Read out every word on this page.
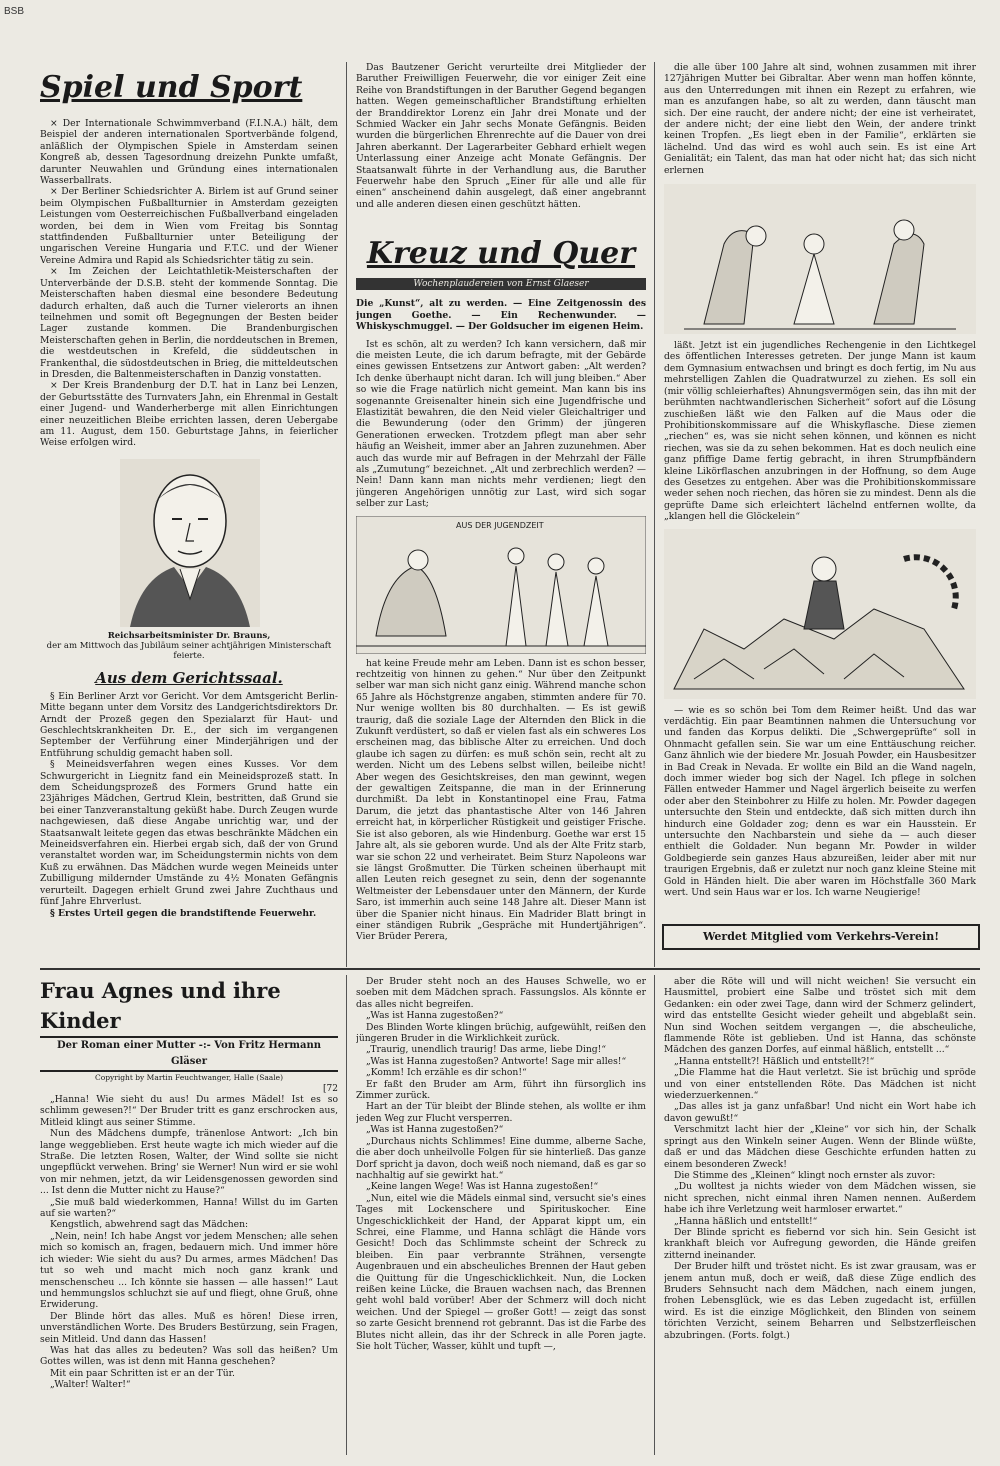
BSB
Spiel und Sport

× Der Internationale Schwimmverband (F.I.N.A.) hält, dem Beispiel der anderen internationalen Sportverbände folgend, anläßlich der Olympischen Spiele in Amsterdam seinen Kongreß ab, dessen Tagesordnung dreizehn Punkte umfaßt, darunter Neuwahlen und Gründung eines internationalen Wasserballrats.

× Der Berliner Schiedsrichter A. Birlem ist auf Grund seiner beim Olympischen Fußballturnier in Amsterdam gezeigten Leistungen vom Oesterreichischen Fußballverband eingeladen worden, bei dem in Wien vom Freitag bis Sonntag stattfindenden Fußballturnier unter Beteiligung der ungarischen Vereine Hungaria und F.T.C. und der Wiener Vereine Admira und Rapid als Schiedsrichter tätig zu sein.

× Im Zeichen der Leichtathletik-Meisterschaften der Unterverbände der D.S.B. steht der kommende Sonntag. Die Meisterschaften haben diesmal eine besondere Bedeutung dadurch erhalten, daß auch die Turner vielerorts an ihnen teilnehmen und somit oft Begegnungen der Besten beider Lager zustande kommen. Die Brandenburgischen Meisterschaften gehen in Berlin, die norddeutschen in Bremen, die westdeutschen in Krefeld, die süddeutschen in Frankenthal, die südostdeutschen in Brieg, die mitteldeutschen in Dresden, die Baltenmeisterschaften in Danzig vonstatten.

× Der Kreis Brandenburg der D.T. hat in Lanz bei Lenzen, der Geburtsstätte des Turnvaters Jahn, ein Ehrenmal in Gestalt einer Jugend- und Wanderherberge mit allen Einrichtungen einer neuzeitlichen Bleibe errichten lassen, deren Uebergabe am 11. August, dem 150. Geburtstage Jahns, in feierlicher Weise erfolgen wird.

Reichsarbeitsminister Dr. Brauns,
der am Mittwoch das Jubiläum seiner achtjährigen Ministerschaft feierte.
Aus dem Gerichtssaal.

§ Ein Berliner Arzt vor Gericht. Vor dem Amtsgericht Berlin-Mitte begann unter dem Vorsitz des Landgerichtsdirektors Dr. Arndt der Prozeß gegen den Spezialarzt für Haut- und Geschlechtskrankheiten Dr. E., der sich im vergangenen September der Verführung einer Minderjährigen und der Entführung schuldig gemacht haben soll.

§ Meineidsverfahren wegen eines Kusses. Vor dem Schwurgericht in Liegnitz fand ein Meineidsprozeß statt. In dem Scheidungsprozeß des Formers Grund hatte ein 23jähriges Mädchen, Gertrud Klein, bestritten, daß Grund sie bei einer Tanzveranstaltung geküßt habe. Durch Zeugen wurde nachgewiesen, daß diese Angabe unrichtig war, und der Staatsanwalt leitete gegen das etwas beschränkte Mädchen ein Meineidsverfahren ein. Hierbei ergab sich, daß der von Grund veranstaltet worden war, im Scheidungstermin nichts von dem Kuß zu erwähnen. Das Mädchen wurde wegen Meineids unter Zubilligung mildernder Umstände zu 4½ Monaten Gefängnis verurteilt. Dagegen erhielt Grund zwei Jahre Zuchthaus und fünf Jahre Ehrverlust.

§ Erstes Urteil gegen die brandstiftende Feuerwehr.

Das Bautzener Gericht verurteilte drei Mitglieder der Baruther Freiwilligen Feuerwehr, die vor einiger Zeit eine Reihe von Brandstiftungen in der Baruther Gegend begangen hatten. Wegen gemeinschaftlicher Brandstiftung erhielten der Branddirektor Lorenz ein Jahr drei Monate und der Schmied Wacker ein Jahr sechs Monate Gefängnis. Beiden wurden die bürgerlichen Ehrenrechte auf die Dauer von drei Jahren aberkannt. Der Lagerarbeiter Gebhard erhielt wegen Unterlassung einer Anzeige acht Monate Gefängnis. Der Staatsanwalt führte in der Verhandlung aus, die Baruther Feuerwehr habe den Spruch „Einer für alle und alle für einen“ anscheinend dahin ausgelegt, daß einer angebrannt und alle anderen diesen einen geschützt hätten.

Kreuz und Quer
Wochenplaudereien von Ernst Glaeser
Die „Kunst“, alt zu werden. — Eine Zeitgenossin des jungen Goethe. — Ein Rechenwunder. — Whiskyschmuggel. — Der Goldsucher im eigenen Heim.

Ist es schön, alt zu werden? Ich kann versichern, daß mir die meisten Leute, die ich darum befragte, mit der Gebärde eines gewissen Entsetzens zur Antwort gaben: „Alt werden? Ich denke überhaupt nicht daran. Ich will jung bleiben.“ Aber so wie die Frage natürlich nicht gemeint. Man kann bis ins sogenannte Greisenalter hinein sich eine Jugendfrische und Elastizität bewahren, die den Neid vieler Gleichaltriger und die Bewunderung (oder den Grimm) der jüngeren Generationen erwecken. Trotzdem pflegt man aber sehr häufig an Weisheit, immer aber an Jahren zuzunehmen. Aber auch das wurde mir auf Befragen in der Mehrzahl der Fälle als „Zumutung“ bezeichnet. „Alt und zerbrechlich werden? — Nein! Dann kann man nichts mehr verdienen; liegt den jüngeren Angehörigen unnötig zur Last, wird sich sogar selber zur Last;

AUS DER JUGENDZEIT

hat keine Freude mehr am Leben. Dann ist es schon besser, rechtzeitig von hinnen zu gehen.“ Nur über den Zeitpunkt selber war man sich nicht ganz einig. Während manche schon 65 Jahre als Höchstgrenze angaben, stimmten andere für 70. Nur wenige wollten bis 80 durchhalten. — Es ist gewiß traurig, daß die soziale Lage der Alternden den Blick in die Zukunft verdüstert, so daß er vielen fast als ein schweres Los erscheinen mag, das biblische Alter zu erreichen. Und doch glaube ich sagen zu dürfen: es muß schön sein, recht alt zu werden. Nicht um des Lebens selbst willen, beileibe nicht! Aber wegen des Gesichtskreises, den man gewinnt, wegen der gewaltigen Zeitspanne, die man in der Erinnerung durchmißt. Da lebt in Konstantinopel eine Frau, Fatma Darum, die jetzt das phantastische Alter von 146 Jahren erreicht hat, in körperlicher Rüstigkeit und geistiger Frische. Sie ist also geboren, als wie Hindenburg. Goethe war erst 15 Jahre alt, als sie geboren wurde. Und als der Alte Fritz starb, war sie schon 22 und verheiratet. Beim Sturz Napoleons war sie längst Großmutter. Die Türken scheinen überhaupt mit allen Leuten reich gesegnet zu sein, denn der sogenannte Weltmeister der Lebensdauer unter den Männern, der Kurde Saro, ist immerhin auch seine 148 Jahre alt. Dieser Mann ist über die Spanier nicht hinaus. Ein Madrider Blatt bringt in einer ständigen Rubrik „Gespräche mit Hundertjährigen“. Vier Brüder Perera,

die alle über 100 Jahre alt sind, wohnen zusammen mit ihrer 127jährigen Mutter bei Gibraltar. Aber wenn man hoffen könnte, aus den Unterredungen mit ihnen ein Rezept zu erfahren, wie man es anzufangen habe, so alt zu werden, dann täuscht man sich. Der eine raucht, der andere nicht; der eine ist verheiratet, der andere nicht; der eine liebt den Wein, der andere trinkt keinen Tropfen. „Es liegt eben in der Familie“, erklärten sie lächelnd. Und das wird es wohl auch sein. Es ist eine Art Genialität; ein Talent, das man hat oder nicht hat; das sich nicht erlernen

läßt. Jetzt ist ein jugendliches Rechengenie in den Lichtkegel des öffentlichen Interesses getreten. Der junge Mann ist kaum dem Gymnasium entwachsen und bringt es doch fertig, im Nu aus mehrstelligen Zahlen die Quadratwurzel zu ziehen. Es soll ein (mir völlig schleierhaftes) Ahnungsvermögen sein, das ihn mit der berühmten nachtwandlerischen Sicherheit“ sofort auf die Lösung zuschießen läßt wie den Falken auf die Maus oder die Prohibitionskommissare auf die Whiskyflasche. Diese ziemen „riechen“ es, was sie nicht sehen können, und können es nicht riechen, was sie da zu sehen bekommen. Hat es doch neulich eine ganz pfiffige Dame fertig gebracht, in ihren Strumpfbändern kleine Likörflaschen anzubringen in der Hoffnung, so dem Auge des Gesetzes zu entgehen. Aber was die Prohibitionskommissare weder sehen noch riechen, das hören sie zu mindest. Denn als die geprüfte Dame sich erleichtert lächelnd entfernen wollte, da „klangen hell die Glöckelein“

— wie es so schön bei Tom dem Reimer heißt. Und das war verdächtig. Ein paar Beamtinnen nahmen die Untersuchung vor und fanden das Korpus delikti. Die „Schwergeprüfte“ soll in Ohnmacht gefallen sein. Sie war um eine Enttäuschung reicher. Ganz ähnlich wie der biedere Mr. Josuah Powder, ein Hausbesitzer in Bad Creak in Nevada. Er wollte ein Bild an die Wand nageln, doch immer wieder bog sich der Nagel. Ich pflege in solchen Fällen entweder Hammer und Nagel ärgerlich beiseite zu werfen oder aber den Steinbohrer zu Hilfe zu holen. Mr. Powder dagegen untersuchte den Stein und entdeckte, daß sich mitten durch ihn hindurch eine Goldader zog; denn es war ein Hausstein. Er untersuchte den Nachbarstein und siehe da — auch dieser enthielt die Goldader. Nun begann Mr. Powder in wilder Goldbegierde sein ganzes Haus abzureißen, leider aber mit nur traurigen Ergebnis, daß er zuletzt nur noch ganz kleine Steine mit Gold in Händen hielt. Die aber waren im Höchstfalle 360 Mark wert. Und sein Haus war er los. Ich warne Neugierige!

Werdet Mitglied vom Verkehrs-Verein!
Frau Agnes und ihre Kinder
Der Roman einer Mutter -:- Von Fritz Hermann Gläser
Copyright by Martin Feuchtwanger, Halle (Saale)
[72

„Hanna! Wie sieht du aus! Du armes Mädel! Ist es so schlimm gewesen?!“ Der Bruder tritt es ganz erschrocken aus, Mitleid klingt aus seiner Stimme.

Nun des Mädchens dumpfe, tränenlose Antwort: „Ich bin lange weggeblieben. Erst heute wagte ich mich wieder auf die Straße. Die letzten Rosen, Walter, der Wind sollte sie nicht ungepflückt verwehen. Bring' sie Werner! Nun wird er sie wohl von mir nehmen, jetzt, da wir Leidensgenossen geworden sind ... Ist denn die Mutter nicht zu Hause?“

„Sie muß bald wiederkommen, Hanna! Willst du im Garten auf sie warten?“

Kengstlich, abwehrend sagt das Mädchen:

„Nein, nein! Ich habe Angst vor jedem Menschen; alle sehen mich so komisch an, fragen, bedauern mich. Und immer höre ich wieder: Wie sieht du aus? Du armes, armes Mädchen! Das tut so weh und macht mich noch ganz krank und menschenscheu ... Ich könnte sie hassen — alle hassen!“ Laut und hemmungslos schluchzt sie auf und fliegt, ohne Gruß, ohne Erwiderung.

Der Blinde hört das alles. Muß es hören! Diese irren, unverständlichen Worte. Des Bruders Bestürzung, sein Fragen, sein Mitleid. Und dann das Hassen!

Was hat das alles zu bedeuten? Was soll das heißen? Um Gottes willen, was ist denn mit Hanna geschehen?

Mit ein paar Schritten ist er an der Tür.

„Walter! Walter!“

Der Bruder steht noch an des Hauses Schwelle, wo er soeben mit dem Mädchen sprach. Fassungslos. Als könnte er das alles nicht begreifen.

„Was ist Hanna zugestoßen?“

Des Blinden Worte klingen brüchig, aufgewühlt, reißen den jüngeren Bruder in die Wirklichkeit zurück.

„Traurig, unendlich traurig! Das arme, liebe Ding!“

„Was ist Hanna zugestoßen? Antworte! Sage mir alles!“

„Komm! Ich erzähle es dir schon!“

Er faßt den Bruder am Arm, führt ihn fürsorglich ins Zimmer zurück.

Hart an der Tür bleibt der Blinde stehen, als wollte er ihm jeden Weg zur Flucht versperren.

„Was ist Hanna zugestoßen?“

„Durchaus nichts Schlimmes! Eine dumme, alberne Sache, die aber doch unheilvolle Folgen für sie hinterließ. Das ganze Dorf spricht ja davon, doch weiß noch niemand, daß es gar so nachhaltig auf sie gewirkt hat.“

„Keine langen Wege! Was ist Hanna zugestoßen!“

„Nun, eitel wie die Mädels einmal sind, versucht sie's eines Tages mit Lockenschere und Spirituskocher. Eine Ungeschicklichkeit der Hand, der Apparat kippt um, ein Schrei, eine Flamme, und Hanna schlägt die Hände vors Gesicht! Doch das Schlimmste scheint der Schreck zu bleiben. Ein paar verbrannte Strähnen, versengte Augenbrauen und ein abscheuliches Brennen der Haut geben die Quittung für die Ungeschicklichkeit. Nun, die Locken reißen keine Lücke, die Brauen wachsen nach, das Brennen geht wohl bald vorüber! Aber der Schmerz will doch nicht weichen. Und der Spiegel — großer Gott! — zeigt das sonst so zarte Gesicht brennend rot gebrannt. Das ist die Farbe des Blutes nicht allein, das ihr der Schreck in alle Poren jagte. Sie holt Tücher, Wasser, kühlt und tupft —,

aber die Röte will und will nicht weichen! Sie versucht ein Hausmittel, probiert eine Salbe und tröstet sich mit dem Gedanken: ein oder zwei Tage, dann wird der Schmerz gelindert, wird das entstellte Gesicht wieder geheilt und abgeblaßt sein. Nun sind Wochen seitdem vergangen —, die abscheuliche, flammende Röte ist geblieben. Und ist Hanna, das schönste Mädchen des ganzen Dorfes, auf einmal häßlich, entstellt ...“

„Hanna entstellt?! Häßlich und entstellt?!“

„Die Flamme hat die Haut verletzt. Sie ist brüchig und spröde und von einer entstellenden Röte. Das Mädchen ist nicht wiederzuerkennen.“

„Das alles ist ja ganz unfaßbar! Und nicht ein Wort habe ich davon gewußt!“

Verschmitzt lacht hier der „Kleine“ vor sich hin, der Schalk springt aus den Winkeln seiner Augen. Wenn der Blinde wüßte, daß er und das Mädchen diese Geschichte erfunden hatten zu einem besonderen Zweck!

Die Stimme des „Kleinen“ klingt noch ernster als zuvor:

„Du wolltest ja nichts wieder von dem Mädchen wissen, sie nicht sprechen, nicht einmal ihren Namen nennen. Außerdem habe ich ihre Verletzung weit harmloser erwartet.“

„Hanna häßlich und entstellt!“

Der Blinde spricht es fiebernd vor sich hin. Sein Gesicht ist krankhaft bleich vor Aufregung geworden, die Hände greifen zitternd ineinander.

Der Bruder hilft und tröstet nicht. Es ist zwar grausam, was er jenem antun muß, doch er weiß, daß diese Züge endlich des Bruders Sehnsucht nach dem Mädchen, nach einem jungen, frohen Lebensglück, wie es das Leben zugedacht ist, erfüllen wird. Es ist die einzige Möglichkeit, den Blinden von seinem törichten Verzicht, seinem Beharren und Selbstzerfleischen abzubringen. (Forts. folgt.)
